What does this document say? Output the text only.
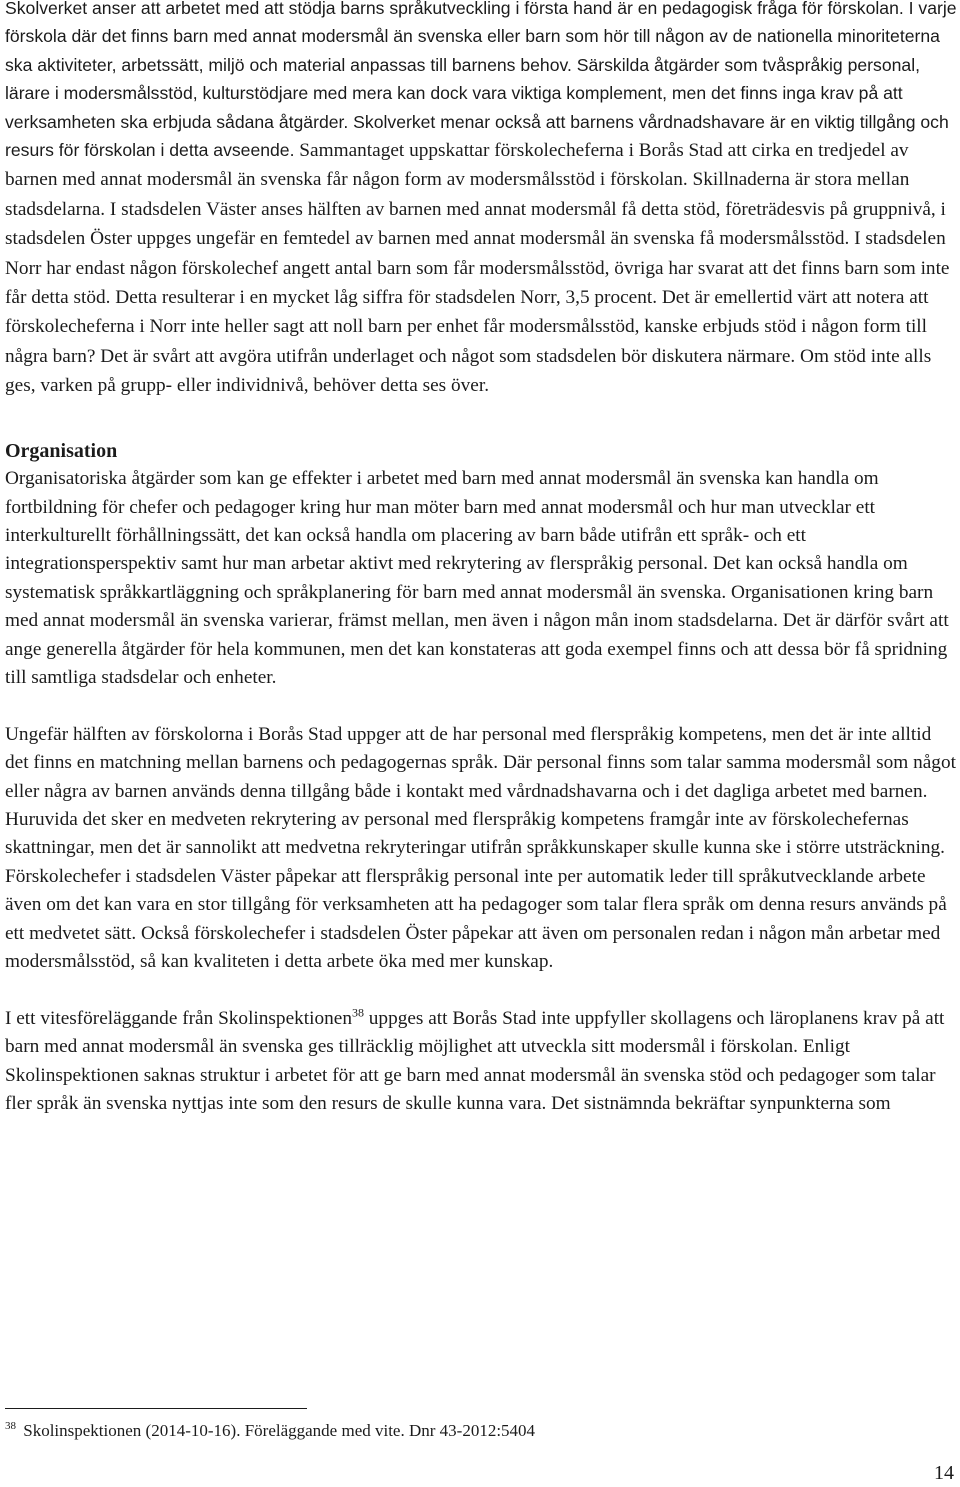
Skolverket anser att arbetet med att stödja barns språkutveckling i första hand är en pedagogisk fråga för förskolan. I varje förskola där det finns barn med annat modersmål än svenska eller barn som hör till någon av de nationella minoriteterna ska aktiviteter, arbetssätt, miljö och material anpassas till barnens behov. Särskilda åtgärder som tvåspråkig personal, lärare i modersmålsstöd, kulturstödjare med mera kan dock vara viktiga komplement, men det finns inga krav på att verksamheten ska erbjuda sådana åtgärder. Skolverket menar också att barnens vårdnadshavare är en viktig tillgång och resurs för förskolan i detta avseende. Sammantaget uppskattar förskolecheferna i Borås Stad att cirka en tredjedel av barnen med annat modersmål än svenska får någon form av modersmålsstöd i förskolan. Skillnaderna är stora mellan stadsdelarna. I stadsdelen Väster anses hälften av barnen med annat modersmål få detta stöd, företrädesvis på gruppnivå, i stadsdelen Öster uppges ungefär en femtedel av barnen med annat modersmål än svenska få modersmålsstöd. I stadsdelen Norr har endast någon förskolechef angett antal barn som får modersmålsstöd, övriga har svarat att det finns barn som inte får detta stöd. Detta resulterar i en mycket låg siffra för stadsdelen Norr, 3,5 procent. Det är emellertid värt att notera att förskolecheferna i Norr inte heller sagt att noll barn per enhet får modersmålsstöd, kanske erbjuds stöd i någon form till några barn? Det är svårt att avgöra utifrån underlaget och något som stadsdelen bör diskutera närmare. Om stöd inte alls ges, varken på grupp- eller individnivå, behöver detta ses över.

Organisation

Organisatoriska åtgärder som kan ge effekter i arbetet med barn med annat modersmål än svenska kan handla om fortbildning för chefer och pedagoger kring hur man möter barn med annat modersmål och hur man utvecklar ett interkulturellt förhållningssätt, det kan också handla om placering av barn både utifrån ett språk- och ett integrationsperspektiv samt hur man arbetar aktivt med rekrytering av flerspråkig personal. Det kan också handla om systematisk språkkartläggning och språkplanering för barn med annat modersmål än svenska. Organisationen kring barn med annat modersmål än svenska varierar, främst mellan, men även i någon mån inom stadsdelarna. Det är därför svårt att ange generella åtgärder för hela kommunen, men det kan konstateras att goda exempel finns och att dessa bör få spridning till samtliga stadsdelar och enheter.

Ungefär hälften av förskolorna i Borås Stad uppger att de har personal med flerspråkig kompetens, men det är inte alltid det finns en matchning mellan barnens och pedagogernas språk. Där personal finns som talar samma modersmål som något eller några av barnen används denna tillgång både i kontakt med vårdnadshavarna och i det dagliga arbetet med barnen. Huruvida det sker en medveten rekrytering av personal med flerspråkig kompetens framgår inte av förskolechefernas skattningar, men det är sannolikt att medvetna rekryteringar utifrån språkkunskaper skulle kunna ske i större utsträckning. Förskolechefer i stadsdelen Väster påpekar att flerspråkig personal inte per automatik leder till språkutvecklande arbete även om det kan vara en stor tillgång för verksamheten att ha pedagoger som talar flera språk om denna resurs används på ett medvetet sätt. Också förskolechefer i stadsdelen Öster påpekar att även om personalen redan i någon mån arbetar med modersmålsstöd, så kan kvaliteten i detta arbete öka med mer kunskap.

I ett vitesföreläggande från Skolinspektionen$^{38}$ uppges att Borås Stad inte uppfyller skollagens och läroplanens krav på att barn med annat modersmål än svenska ges tillräcklig möjlighet att utveckla sitt modersmål i förskolan. Enligt Skolinspektionen saknas struktur i arbetet för att ge barn med annat modersmål än svenska stöd och pedagoger som talar fler språk än svenska nyttjas inte som den resurs de skulle kunna vara. Det sistnämnda bekräftar synpunkterna som

$^{38}$ Skolinspektionen (2014-10-16). Föreläggande med vite. Dnr 43-2012:5404
14
